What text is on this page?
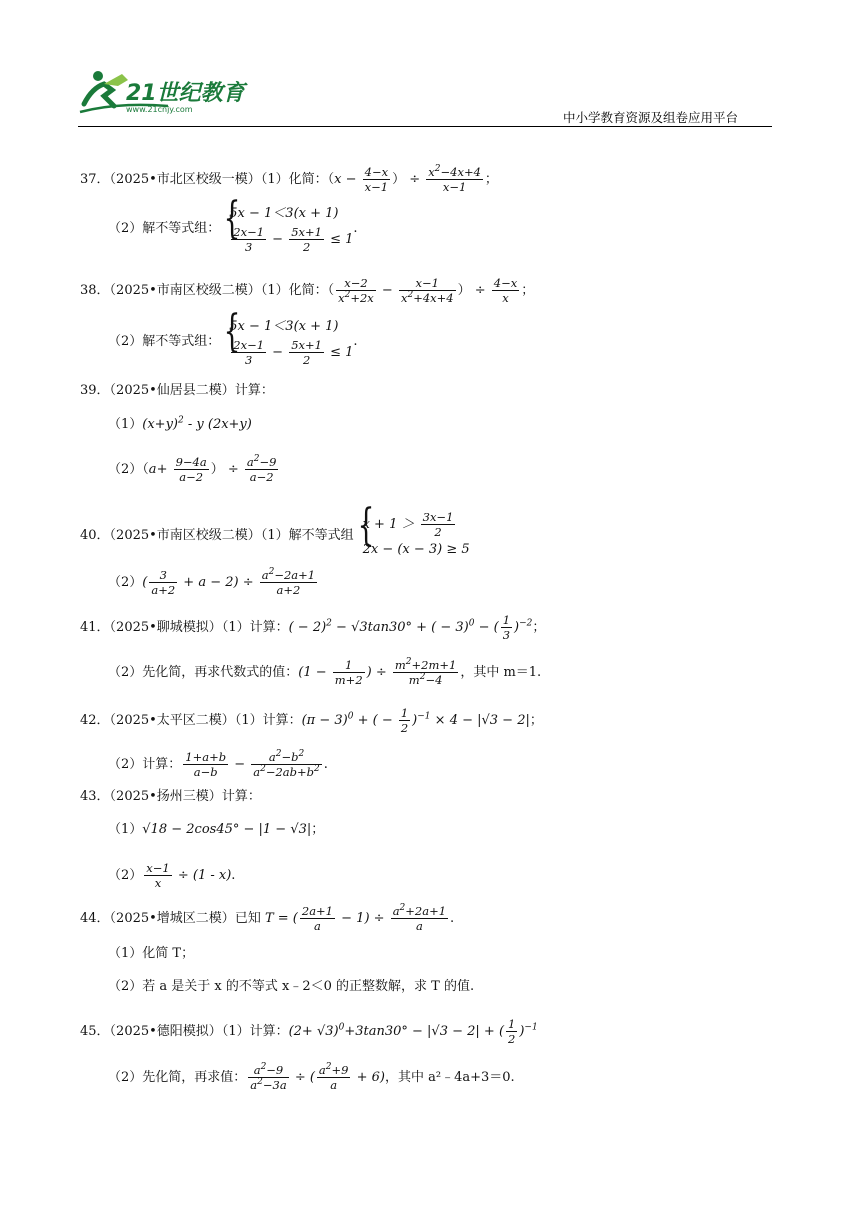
21世纪教育
www.21cnjy.com
中小学教育资源及组卷应用平台
37．（2025•市北区校级一模）（1）化简：（$x - \frac{4-x}{x-1}$ ） ÷ $\frac{x^2-4x+4}{x-1}$ ；
（2）解不等式组： {
5x − 1＜3(x + 1)
$\frac{2x-1}{3} - \frac{5x+1}{2} \le 1$
.
38．（2025•市南区校级二模）（1）化简：（ $\frac{x-2}{x^2+2x} - \frac{x-1}{x^2+4x+4}$ ） ÷ $\frac{4-x}{x}$ ；
（2）解不等式组： {
5x − 1＜3(x + 1)
$\frac{2x-1}{3} - \frac{5x+1}{2} \le 1$
.
39．（2025•仙居县二模）计算：
$(1)(x+y)^2 - y$ (2x+y)
$(2)(a+ \frac{9-4a}{a-2}$ ） ÷ $\frac{a^2-9}{a-2}$
40．（2025•市南区校级二模）（1）解不等式组 {
$x + 1 > \frac{3x-1}{2}$
2x − (x − 3) ≥ 5
$(2)( \frac{3}{a+2} + a - 2) \div \frac{a^2-2a+1}{a+2}$
41．（2025•聊城模拟）（1）计算：( − 2)$^2$ − √3tan30° + ( − 3)$^0$ − ( $\frac{1}{3} )^{-2}$；
（2）先化简，再求代数式的值：($1 - \frac{1}{m+2}$ ) ÷ $\frac{m^2+2m+1}{m^2-4}$ ，其中 m＝1.
42．（2025•太平区二模）（1）计算：$(\pi - 3)^0$ + ( − $\frac{1}{2} )^{-1} \times 4 - |√3 - 2|$；
（2）计算： $\frac{1+a+b}{a-b} - \frac{a^2-b^2}{a^2-2ab+b^2}$ .
43．（2025•扬州三模）计算：
（1）√18 − 2cos45° − |1 − √3|；
$(2) \frac{x-1}{x} \div (1 - x)$.
44．（2025•增城区二模）已知 T = ( $\frac{2a+1}{a} - 1) \div \frac{a^2+2a+1}{a}$ .
（1）化简 T；
（2）若 a 是关于 x 的不等式 x﹣2＜0 的正整数解，求 T 的值.
45．（2025•德阳模拟）（1）计算：$(2+ √3)^0+3\tan 30^\circ - |√3 - 2|$ + ( $\frac{1}{2} )^{-1}$
（2）先化简，再求值： $\frac{a^2-9}{a^2-3a}$ ÷ ( $\frac{a^2+9}{a} + 6$)，其中 a²﹣4a+3＝0.
